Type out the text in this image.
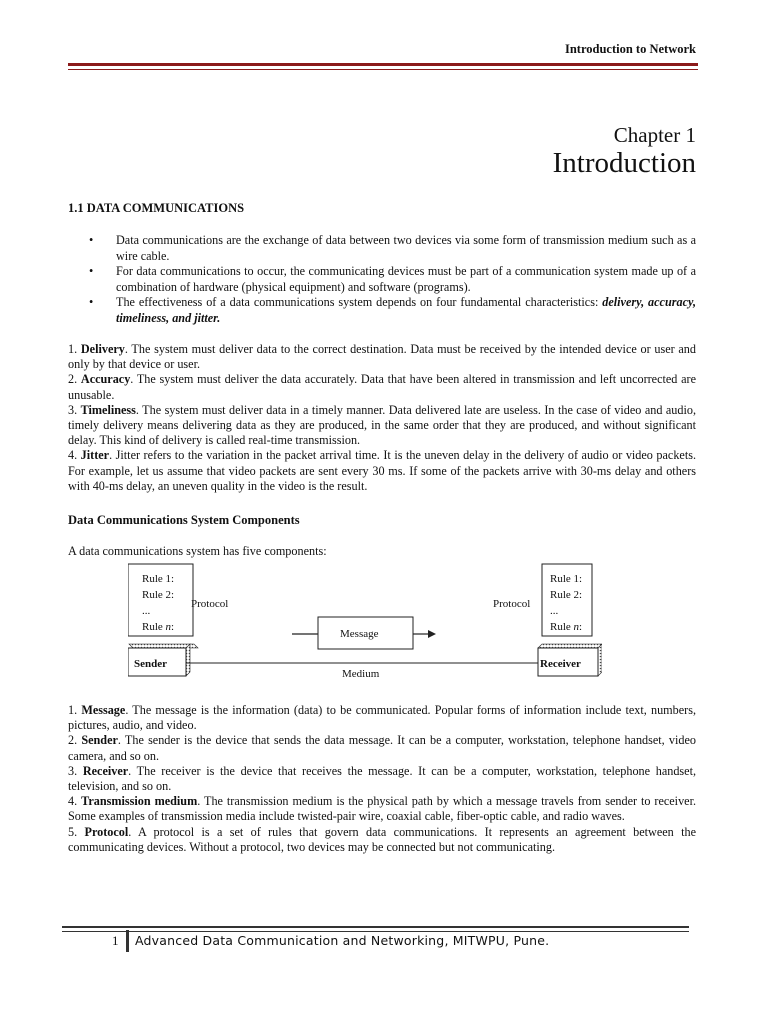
Introduction to Network
Chapter 1
Introduction
1.1 DATA COMMUNICATIONS
• Data communications are the exchange of data between two devices via some form of transmission medium such as a wire cable.
• For data communications to occur, the communicating devices must be part of a communication system made up of a combination of hardware (physical equipment) and software (programs).
• The effectiveness of a data communications system depends on four fundamental characteristics: delivery, accuracy, timeliness, and jitter.

1. Delivery. The system must deliver data to the correct destination. Data must be received by the intended device or user and only by that device or user.

2. Accuracy. The system must deliver the data accurately. Data that have been altered in transmission and left uncorrected are unusable.

3. Timeliness. The system must deliver data in a timely manner. Data delivered late are useless. In the case of video and audio, timely delivery means delivering data as they are produced, in the same order that they are produced, and without significant delay. This kind of delivery is called real-time transmission.

4. Jitter. Jitter refers to the variation in the packet arrival time. It is the uneven delay in the delivery of audio or video packets. For example, let us assume that video packets are sent every 30 ms. If some of the packets arrive with 30-ms delay and others with 40-ms delay, an uneven quality in the video is the result.

Data Communications System Components
A data communications system has five components:
Rule 1:
Rule 2:
...
Rule n:
Protocol
Rule 1:
Rule 2:
...
Rule n:
Protocol
Message
Sender	Receiver
Medium

1. Message. The message is the information (data) to be communicated. Popular forms of information include text, numbers, pictures, audio, and video.

2. Sender. The sender is the device that sends the data message. It can be a computer, workstation, telephone handset, video camera, and so on.

3. Receiver. The receiver is the device that receives the message. It can be a computer, workstation, telephone handset, television, and so on.

4. Transmission medium. The transmission medium is the physical path by which a message travels from sender to receiver. Some examples of transmission media include twisted-pair wire, coaxial cable, fiber-optic cable, and radio waves.

5. Protocol. A protocol is a set of rules that govern data communications. It represents an agreement between the communicating devices. Without a protocol, two devices may be connected but not communicating.

1 Advanced Data Communication and Networking, MITWPU, Pune.
